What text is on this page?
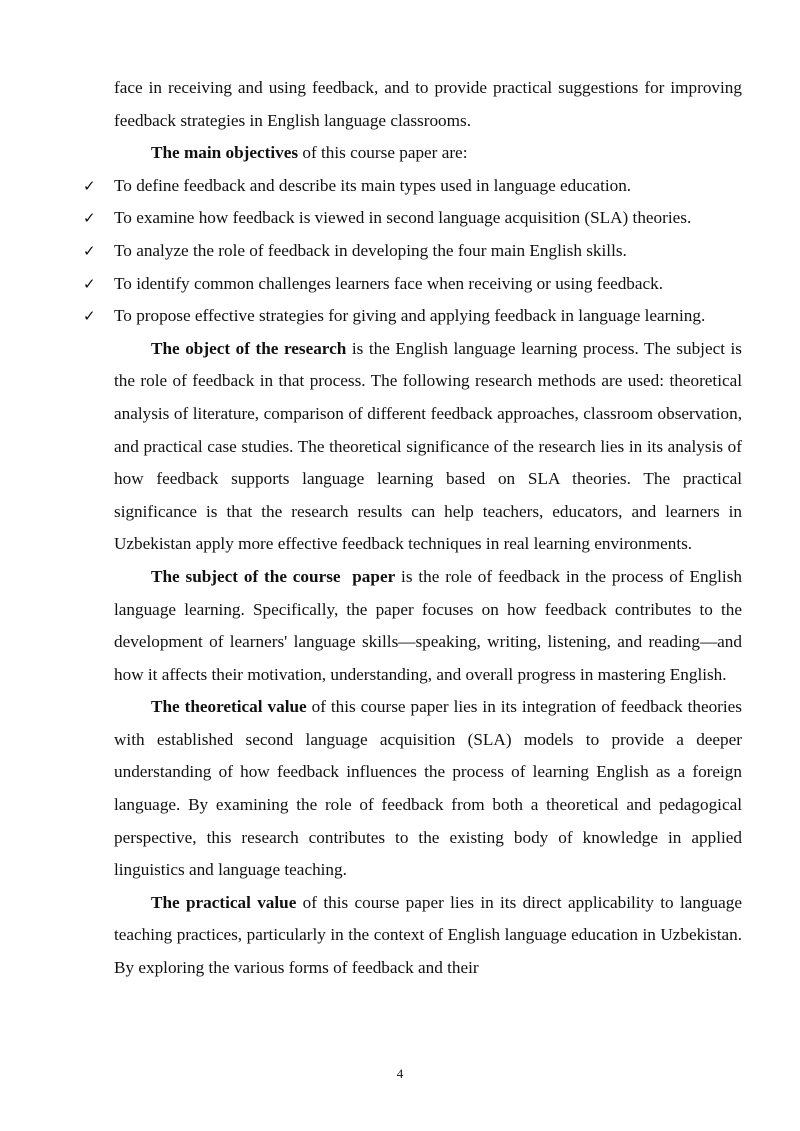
face in receiving and using feedback, and to provide practical suggestions for improving feedback strategies in English language classrooms.

The main objectives of this course paper are:

✓ To define feedback and describe its main types used in language education.
✓ To examine how feedback is viewed in second language acquisition (SLA) theories.
✓ To analyze the role of feedback in developing the four main English skills.
✓ To identify common challenges learners face when receiving or using feedback.
✓ To propose effective strategies for giving and applying feedback in language learning.

The object of the research is the English language learning process. The subject is the role of feedback in that process. The following research methods are used: theoretical analysis of literature, comparison of different feedback approaches, classroom observation, and practical case studies. The theoretical significance of the research lies in its analysis of how feedback supports language learning based on SLA theories. The practical significance is that the research results can help teachers, educators, and learners in Uzbekistan apply more effective feedback techniques in real learning environments.

The subject of the course  paper is the role of feedback in the process of English language learning. Specifically, the paper focuses on how feedback contributes to the development of learners' language skills—speaking, writing, listening, and reading—and how it affects their motivation, understanding, and overall progress in mastering English.

The theoretical value of this course paper lies in its integration of feedback theories with established second language acquisition (SLA) models to provide a deeper understanding of how feedback influences the process of learning English as a foreign language. By examining the role of feedback from both a theoretical and pedagogical perspective, this research contributes to the existing body of knowledge in applied linguistics and language teaching.

The practical value of this course paper lies in its direct applicability to language teaching practices, particularly in the context of English language education in Uzbekistan. By exploring the various forms of feedback and their

4
